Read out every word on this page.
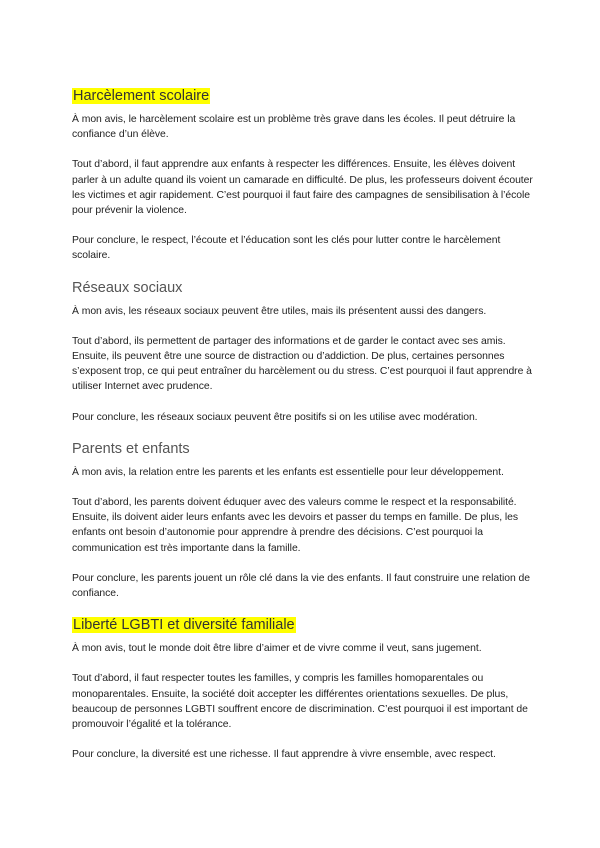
Harcèlement scolaire

À mon avis, le harcèlement scolaire est un problème très grave dans les écoles. Il peut détruire la confiance d’un élève.

Tout d’abord, il faut apprendre aux enfants à respecter les différences. Ensuite, les élèves doivent parler à un adulte quand ils voient un camarade en difficulté. De plus, les professeurs doivent écouter les victimes et agir rapidement. C’est pourquoi il faut faire des campagnes de sensibilisation à l’école pour prévenir la violence.

Pour conclure, le respect, l’écoute et l’éducation sont les clés pour lutter contre le harcèlement scolaire.

Réseaux sociaux

À mon avis, les réseaux sociaux peuvent être utiles, mais ils présentent aussi des dangers.

Tout d’abord, ils permettent de partager des informations et de garder le contact avec ses amis. Ensuite, ils peuvent être une source de distraction ou d’addiction. De plus, certaines personnes s’exposent trop, ce qui peut entraîner du harcèlement ou du stress. C’est pourquoi il faut apprendre à utiliser Internet avec prudence.

Pour conclure, les réseaux sociaux peuvent être positifs si on les utilise avec modération.

Parents et enfants

À mon avis, la relation entre les parents et les enfants est essentielle pour leur développement.

Tout d’abord, les parents doivent éduquer avec des valeurs comme le respect et la responsabilité. Ensuite, ils doivent aider leurs enfants avec les devoirs et passer du temps en famille. De plus, les enfants ont besoin d’autonomie pour apprendre à prendre des décisions. C’est pourquoi la communication est très importante dans la famille.

Pour conclure, les parents jouent un rôle clé dans la vie des enfants. Il faut construire une relation de confiance.

Liberté LGBTI et diversité familiale

À mon avis, tout le monde doit être libre d’aimer et de vivre comme il veut, sans jugement.

Tout d’abord, il faut respecter toutes les familles, y compris les familles homoparentales ou monoparentales. Ensuite, la société doit accepter les différentes orientations sexuelles. De plus, beaucoup de personnes LGBTI souffrent encore de discrimination. C’est pourquoi il est important de promouvoir l’égalité et la tolérance.

Pour conclure, la diversité est une richesse. Il faut apprendre à vivre ensemble, avec respect.
